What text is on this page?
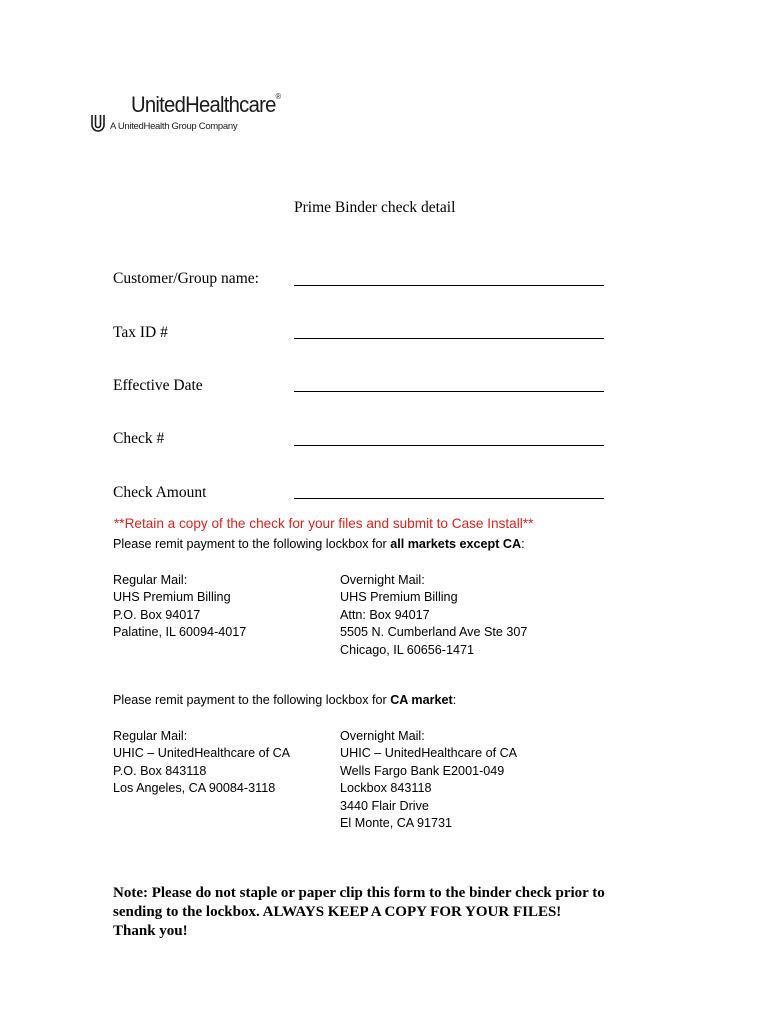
UnitedHealthcare®
A UnitedHealth Group Company
Prime Binder check detail
Customer/Group name:
Tax ID #
Effective Date
Check #
Check Amount
**Retain a copy of the check for your files and submit to Case Install**
Please remit payment to the following lockbox for all markets except CA:
Regular Mail:
UHS Premium Billing
P.O. Box 94017
Palatine, IL 60094-4017
Overnight Mail:
UHS Premium Billing
Attn: Box 94017
5505 N. Cumberland Ave Ste 307
Chicago, IL 60656-1471
Please remit payment to the following lockbox for CA market:
Regular Mail:
UHIC – UnitedHealthcare of CA
P.O. Box 843118
Los Angeles, CA 90084-3118
Overnight Mail:
UHIC – UnitedHealthcare of CA
Wells Fargo Bank E2001-049
Lockbox 843118
3440 Flair Drive
El Monte, CA 91731
Note: Please do not staple or paper clip this form to the binder check prior to
sending to the lockbox. ALWAYS KEEP A COPY FOR YOUR FILES!
Thank you!
